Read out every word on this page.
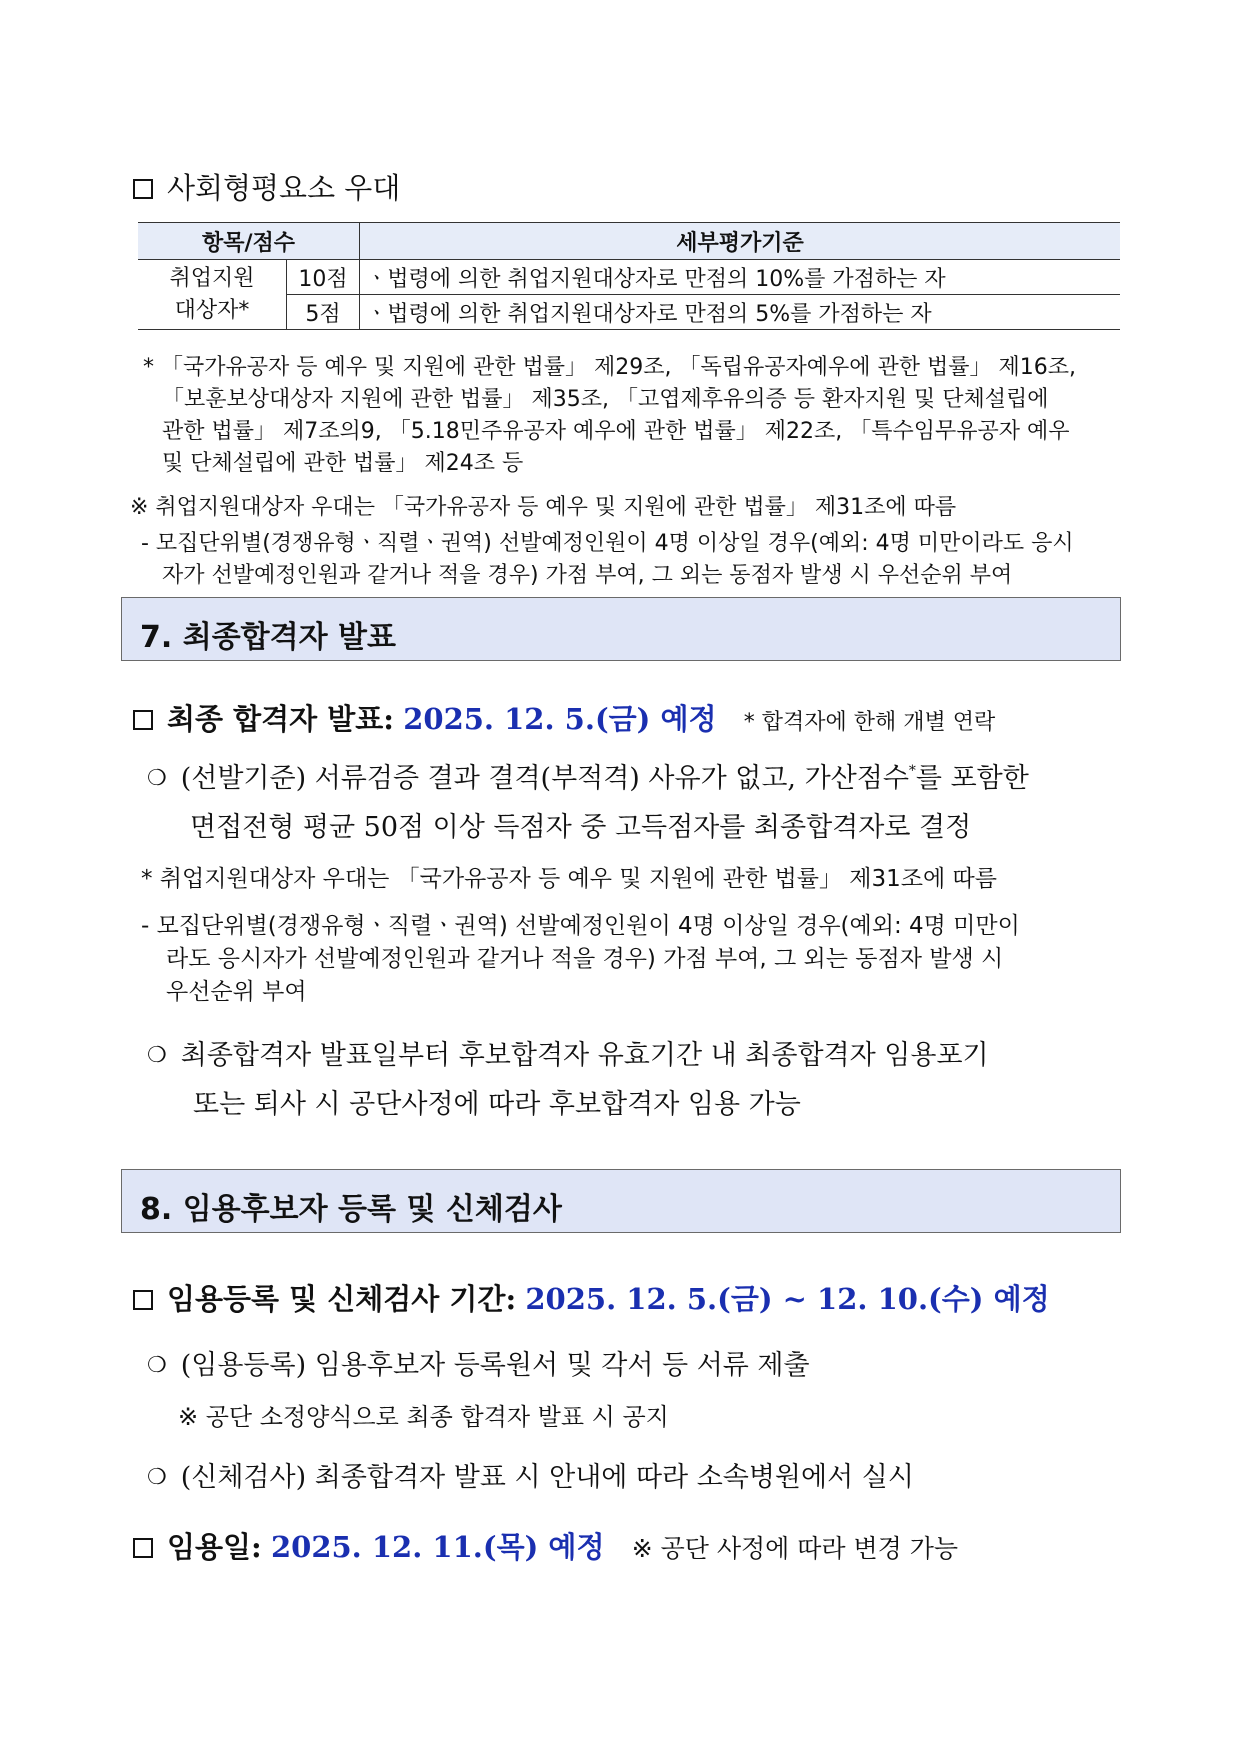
사회형평요소 우대
항목/점수		세부평가기준
취업지원
대상자*	10점	ㆍ법령에 의한 취업지원대상자로 만점의 10%를 가점하는 자
	5점	ㆍ법령에 의한 취업지원대상자로 만점의 5%를 가점하는 자
* 「국가유공자 등 예우 및 지원에 관한 법률」 제29조, 「독립유공자예우에 관한 법률」 제16조,
「보훈보상대상자 지원에 관한 법률」 제35조, 「고엽제후유의증 등 환자지원 및 단체설립에
관한 법률」 제7조의9, 「5.18민주유공자 예우에 관한 법률」 제22조, 「특수임무유공자 예우
및 단체설립에 관한 법률」 제24조 등
※ 취업지원대상자 우대는 「국가유공자 등 예우 및 지원에 관한 법률」 제31조에 따름
- 모집단위별(경쟁유형ㆍ직렬ㆍ권역) 선발예정인원이 4명 이상일 경우(예외: 4명 미만이라도 응시
자가 선발예정인원과 같거나 적을 경우) 가점 부여, 그 외는 동점자 발생 시 우선순위 부여
7. 최종합격자 발표
최종 합격자 발표: 2025. 12. 5.(금) 예정 * 합격자에 한해 개별 연락
❍ (선발기준) 서류검증 결과 결격(부적격) 사유가 없고, 가산점수*를 포함한
면접전형 평균 50점 이상 득점자 중 고득점자를 최종합격자로 결정
* 취업지원대상자 우대는 「국가유공자 등 예우 및 지원에 관한 법률」 제31조에 따름
- 모집단위별(경쟁유형ㆍ직렬ㆍ권역) 선발예정인원이 4명 이상일 경우(예외: 4명 미만이
라도 응시자가 선발예정인원과 같거나 적을 경우) 가점 부여, 그 외는 동점자 발생 시
우선순위 부여
❍ 최종합격자 발표일부터 후보합격자 유효기간 내 최종합격자 임용포기
또는 퇴사 시 공단사정에 따라 후보합격자 임용 가능
8. 임용후보자 등록 및 신체검사
임용등록 및 신체검사 기간: 2025. 12. 5.(금) ~ 12. 10.(수) 예정
❍ (임용등록) 임용후보자 등록원서 및 각서 등 서류 제출
※ 공단 소정양식으로 최종 합격자 발표 시 공지
❍ (신체검사) 최종합격자 발표 시 안내에 따라 소속병원에서 실시
임용일: 2025. 12. 11.(목) 예정 ※ 공단 사정에 따라 변경 가능
